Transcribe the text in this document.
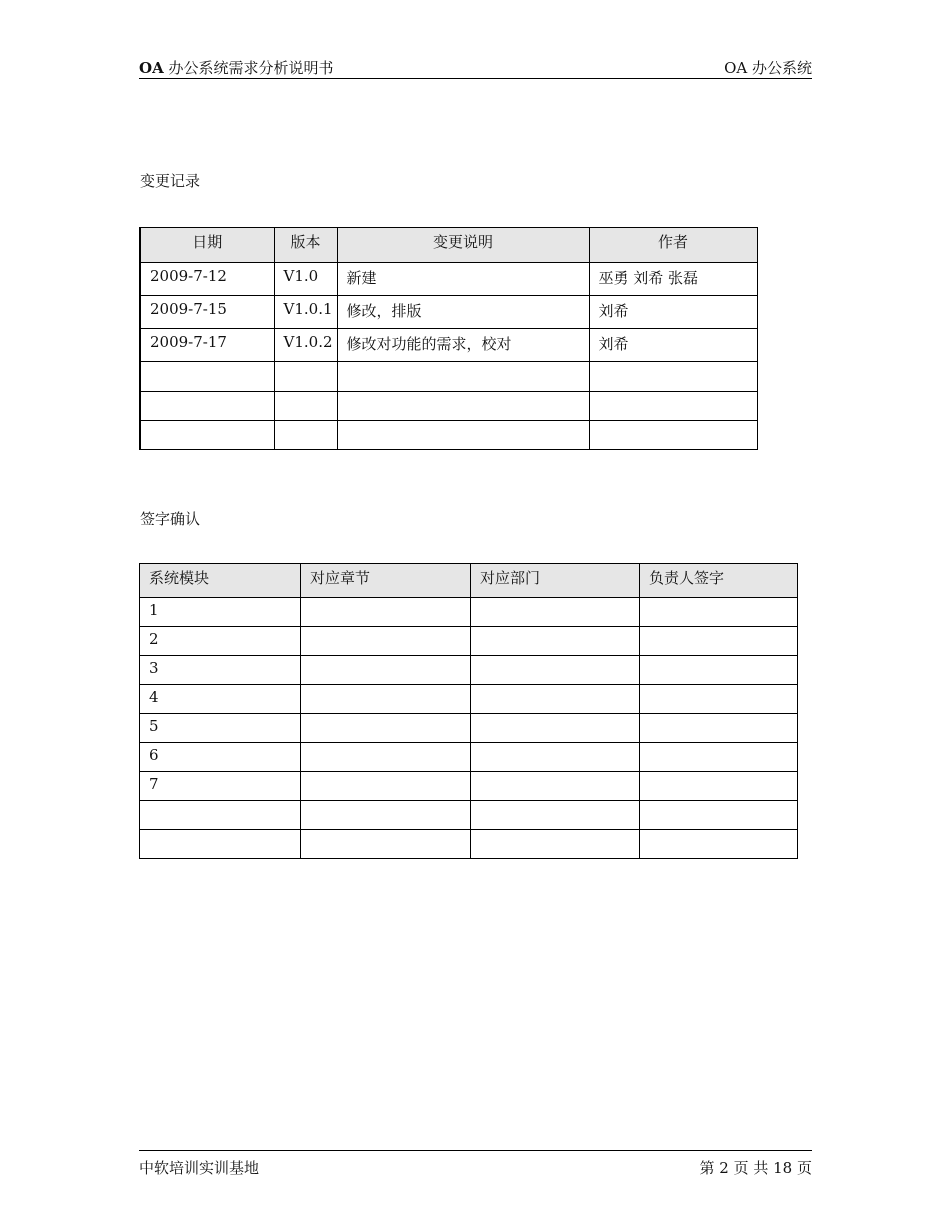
OA 办公系统需求分析说明书	OA 办公系统
变更记录
日期	版本	变更说明	作者
2009-7-12	V1.0	新建	巫勇 刘希 张磊
2009-7-15	V1.0.1	修改，排版	刘希
2009-7-17	V1.0.2	修改对功能的需求，校对	刘希

签字确认
系统模块	对应章节	对应部门	负责人签字
1			
2			
3			
4			
5			
6			
7			

中软培训实训基地	第 2 页 共 18 页
